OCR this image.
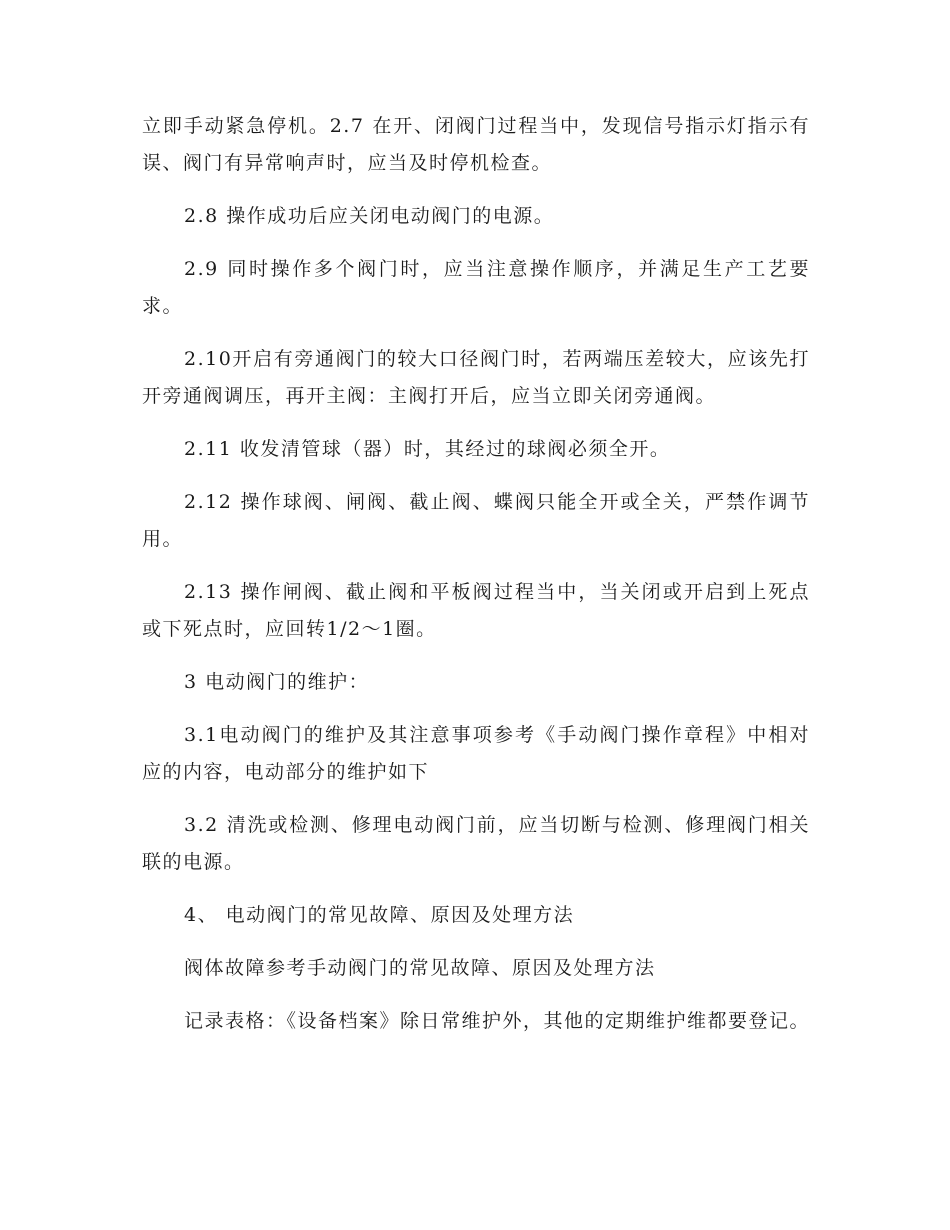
立即手动紧急停机。2.7 在开、闭阀门过程当中，发现信号指示灯指示有误、阀门有异常响声时，应当及时停机检查。

2.8 操作成功后应关闭电动阀门的电源。

2.9 同时操作多个阀门时，应当注意操作顺序，并满足生产工艺要求。

2.10开启有旁通阀门的较大口径阀门时，若两端压差较大，应该先打开旁通阀调压，再开主阀：主阀打开后，应当立即关闭旁通阀。

2.11 收发清管球（器）时，其经过的球阀必须全开。

2.12 操作球阀、闸阀、截止阀、蝶阀只能全开或全关，严禁作调节用。

2.13 操作闸阀、截止阀和平板阀过程当中，当关闭或开启到上死点或下死点时，应回转1/2～1圈。

3 电动阀门的维护：

3.1电动阀门的维护及其注意事项参考《手动阀门操作章程》中相对应的内容，电动部分的维护如下

3.2 清洗或检测、修理电动阀门前，应当切断与检测、修理阀门相关联的电源。

4、 电动阀门的常见故障、原因及处理方法

阀体故障参考手动阀门的常见故障、原因及处理方法

记录表格：《设备档案》除日常维护外，其他的定期维护维都要登记。
